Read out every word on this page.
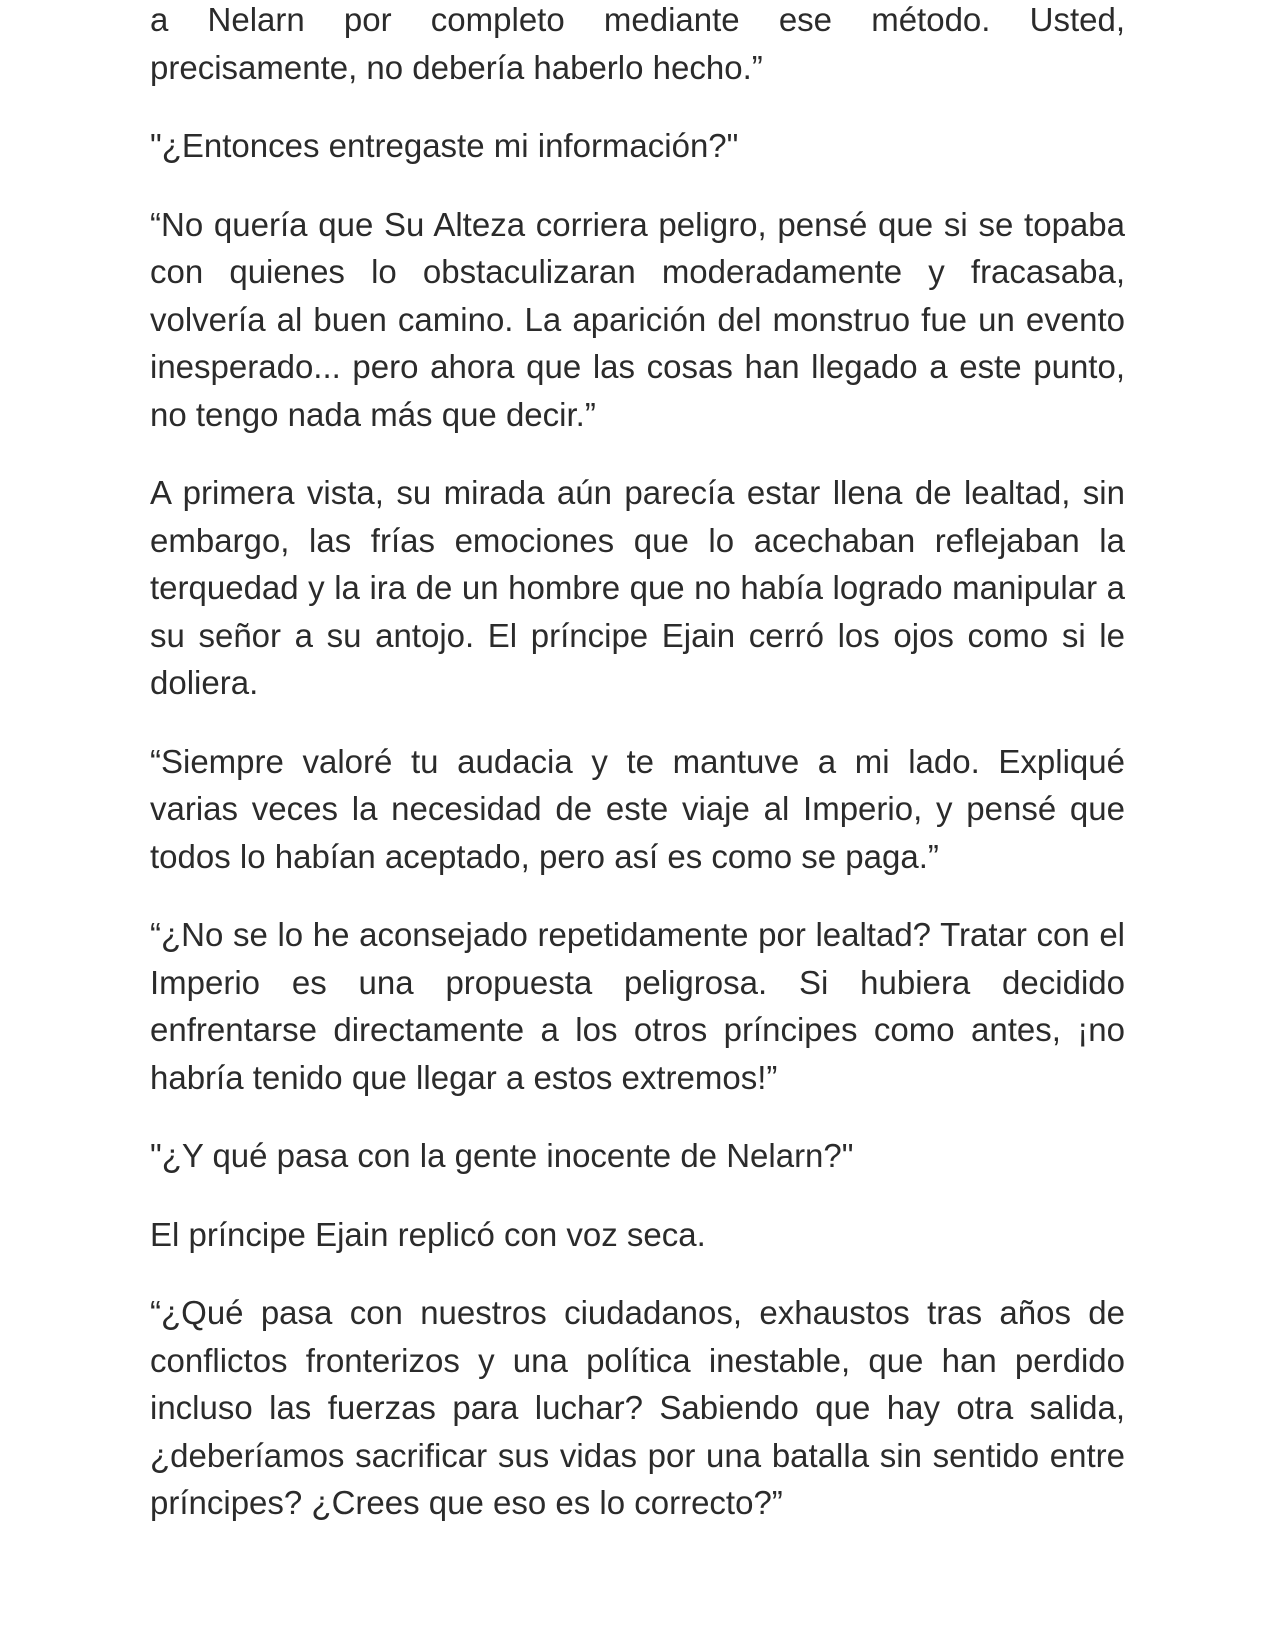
a Nelarn por completo mediante ese método. Usted, precisamente, no debería haberlo hecho.”

"¿Entonces entregaste mi información?"

“No quería que Su Alteza corriera peligro, pensé que si se topaba con quienes lo obstaculizaran moderadamente y fracasaba, volvería al buen camino. La aparición del monstruo fue un evento inesperado... pero ahora que las cosas han llegado a este punto, no tengo nada más que decir.”

A primera vista, su mirada aún parecía estar llena de lealtad, sin embargo, las frías emociones que lo acechaban reflejaban la terquedad y la ira de un hombre que no había logrado manipular a su señor a su antojo. El príncipe Ejain cerró los ojos como si le doliera.

“Siempre valoré tu audacia y te mantuve a mi lado. Expliqué varias veces la necesidad de este viaje al Imperio, y pensé que todos lo habían aceptado, pero así es como se paga.”

“¿No se lo he aconsejado repetidamente por lealtad? Tratar con el Imperio es una propuesta peligrosa. Si hubiera decidido enfrentarse directamente a los otros príncipes como antes, ¡no habría tenido que llegar a estos extremos!”

"¿Y qué pasa con la gente inocente de Nelarn?"

El príncipe Ejain replicó con voz seca.

“¿Qué pasa con nuestros ciudadanos, exhaustos tras años de conflictos fronterizos y una política inestable, que han perdido incluso las fuerzas para luchar? Sabiendo que hay otra salida, ¿deberíamos sacrificar sus vidas por una batalla sin sentido entre príncipes? ¿Crees que eso es lo correcto?”
